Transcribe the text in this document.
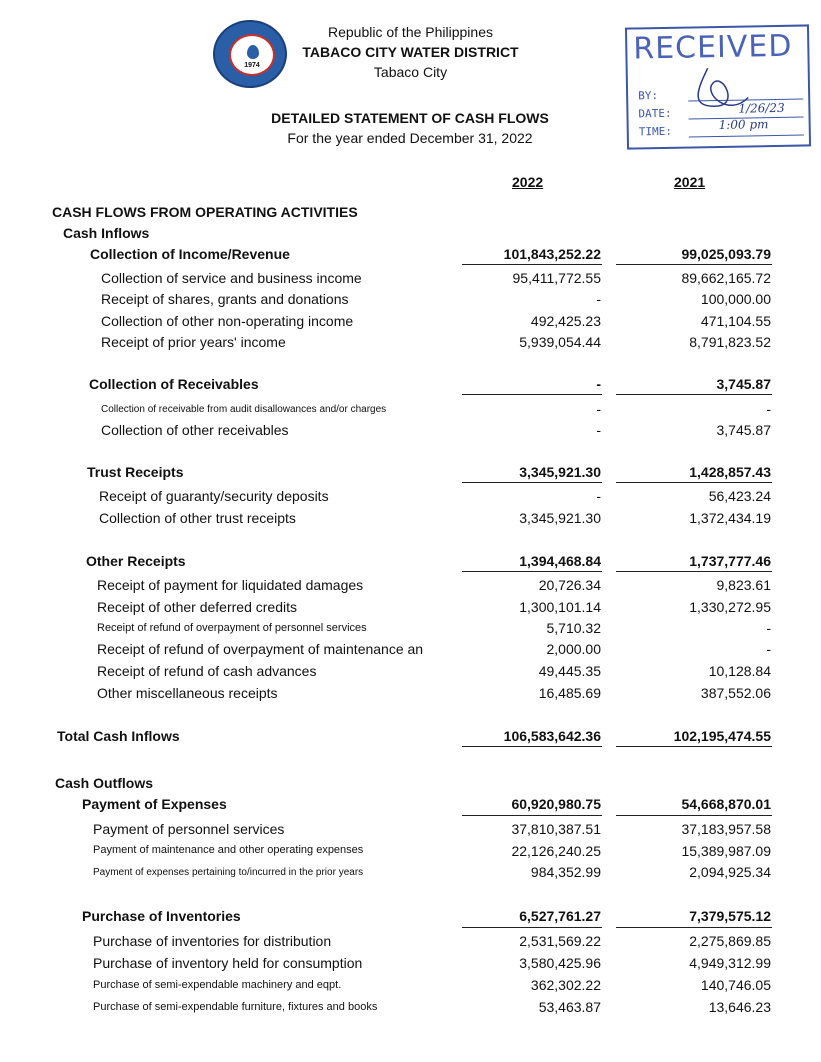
1974
Republic of the Philippines
TABACO CITY WATER DISTRICT
Tabaco City
RECEIVED
BY:
DATE:	1/26/23
TIME:	1:00 pm
DETAILED STATEMENT OF CASH FLOWS
For the year ended December 31, 2022
2022	2021
CASH FLOWS FROM OPERATING ACTIVITIES
Cash Inflows
Collection of Income/Revenue	101,843,252.22	99,025,093.79
Collection of service and business income	95,411,772.55	89,662,165.72
Receipt of shares, grants and donations	-	100,000.00
Collection of other non-operating income	492,425.23	471,104.55
Receipt of prior years' income	5,939,054.44	8,791,823.52
Collection of Receivables	-	3,745.87
Collection of receivable from audit disallowances and/or charges	-	-
Collection of other receivables	-	3,745.87
Trust Receipts	3,345,921.30	1,428,857.43
Receipt of guaranty/security deposits	-	56,423.24
Collection of other trust receipts	3,345,921.30	1,372,434.19
Other Receipts	1,394,468.84	1,737,777.46
Receipt of payment for liquidated damages	20,726.34	9,823.61
Receipt of other deferred credits	1,300,101.14	1,330,272.95
Receipt of refund of overpayment of personnel services	5,710.32	-
Receipt of refund of overpayment of maintenance an	2,000.00	-
Receipt of refund of cash advances	49,445.35	10,128.84
Other miscellaneous receipts	16,485.69	387,552.06
Total Cash Inflows	106,583,642.36	102,195,474.55
Cash Outflows
Payment of Expenses	60,920,980.75	54,668,870.01
Payment of personnel services	37,810,387.51	37,183,957.58
Payment of maintenance and other operating expenses	22,126,240.25	15,389,987.09
Payment of expenses pertaining to/incurred in the prior years	984,352.99	2,094,925.34
Purchase of Inventories	6,527,761.27	7,379,575.12
Purchase of inventories for distribution	2,531,569.22	2,275,869.85
Purchase of inventory held for consumption	3,580,425.96	4,949,312.99
Purchase of semi-expendable machinery and eqpt.	362,302.22	140,746.05
Purchase of semi-expendable furniture, fixtures and books	53,463.87	13,646.23
